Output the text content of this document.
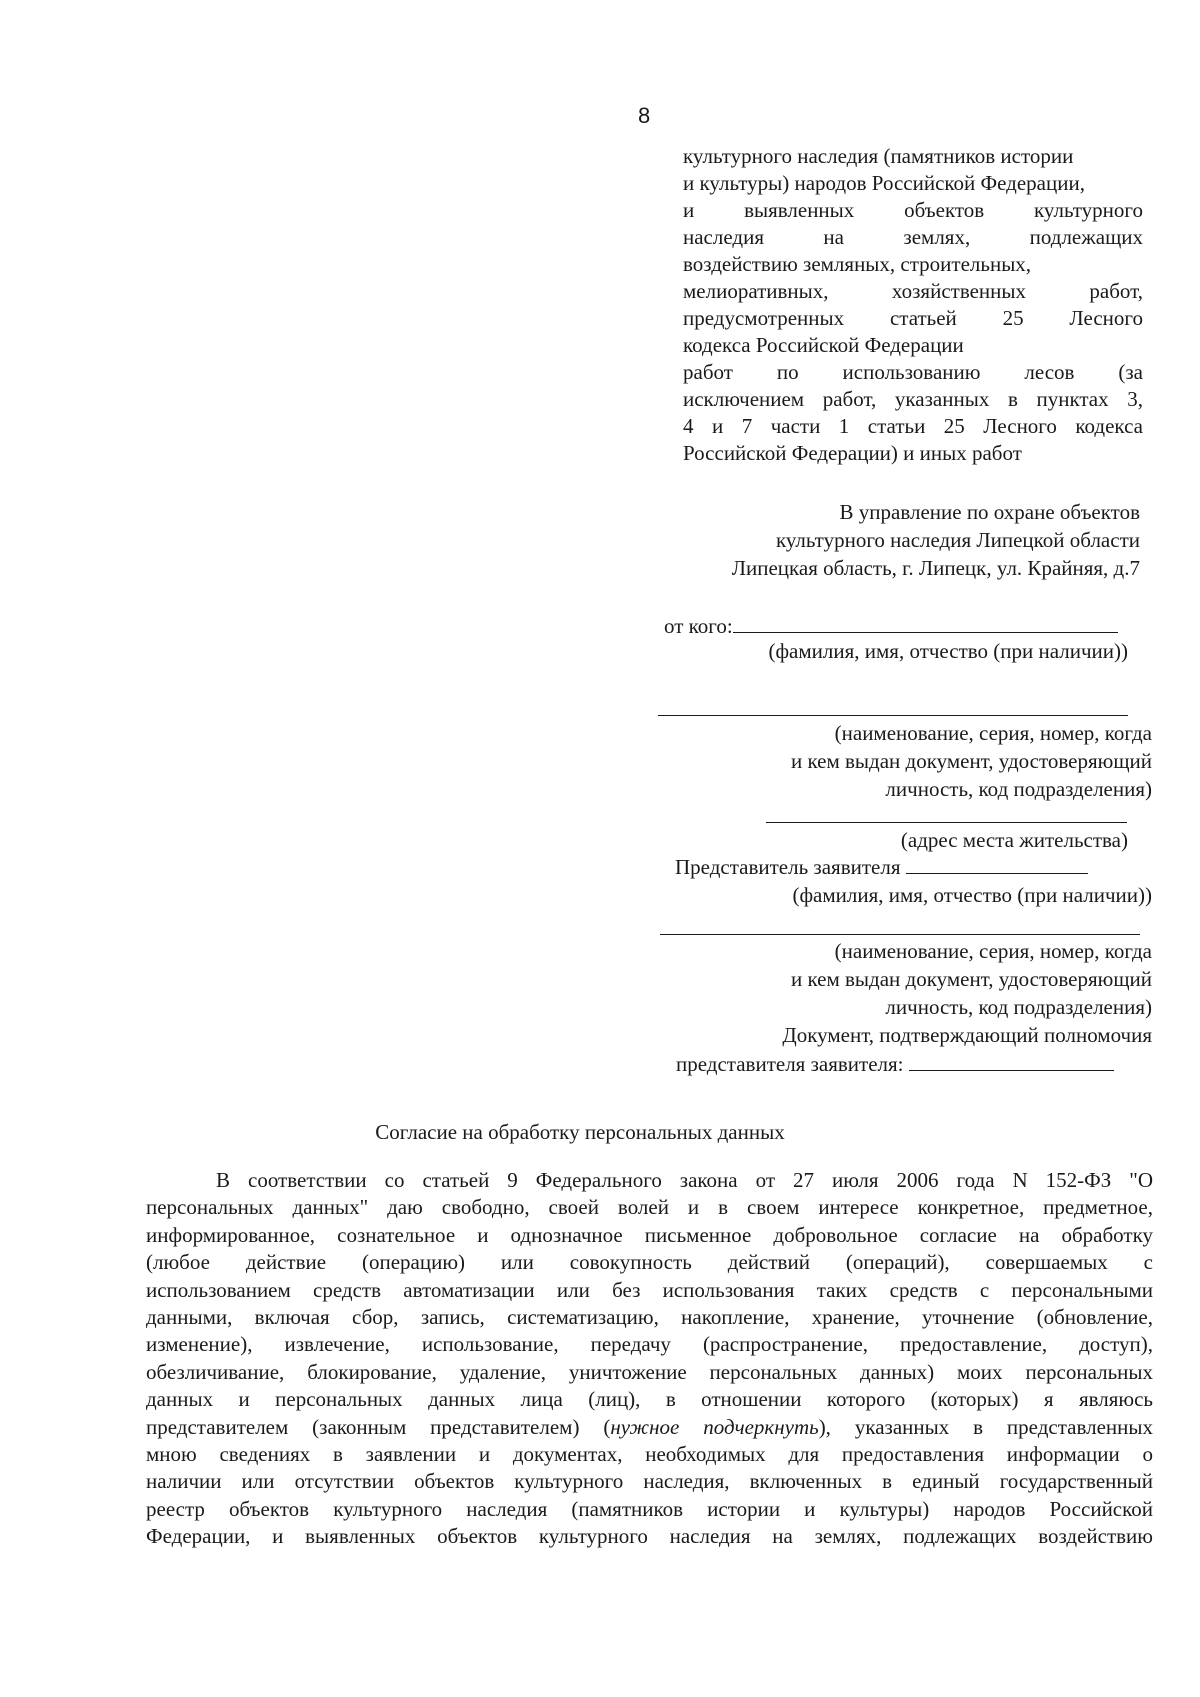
8
культурного наследия (памятников истории
и культуры) народов Российской Федерации,
и выявленных объектов культурного
наследия на землях, подлежащих
воздействию земляных, строительных,
мелиоративных, хозяйственных работ,
предусмотренных статьей 25 Лесного
кодекса Российской Федерации
работ по использованию лесов (за
исключением работ, указанных в пунктах 3,
4 и 7 части 1 статьи 25 Лесного кодекса
Российской Федерации) и иных работ
В управление по охране объектов
культурного наследия Липецкой области
Липецкая область, г. Липецк, ул. Крайняя, д.7
от кого:
(фамилия, имя, отчество (при наличии))
(наименование, серия, номер, когда
и кем выдан документ, удостоверяющий
личность, код подразделения)
(адрес места жительства)
Представитель заявителя
(фамилия, имя, отчество (при наличии))
(наименование, серия, номер, когда
и кем выдан документ, удостоверяющий
личность, код подразделения)
Документ, подтверждающий полномочия
представителя заявителя:
Согласие на обработку персональных данных
В соответствии со статьей 9 Федерального закона от 27 июля 2006 года N 152-ФЗ "О
персональных данных" даю свободно, своей волей и в своем интересе конкретное, предметное,
информированное, сознательное и однозначное письменное добровольное согласие на обработку
(любое действие (операцию) или совокупность действий (операций), совершаемых с
использованием средств автоматизации или без использования таких средств с персональными
данными, включая сбор, запись, систематизацию, накопление, хранение, уточнение (обновление,
изменение), извлечение, использование, передачу (распространение, предоставление, доступ),
обезличивание, блокирование, удаление, уничтожение персональных данных) моих персональных
данных и персональных данных лица (лиц), в отношении которого (которых) я являюсь
представителем (законным представителем) (нужное подчеркнуть), указанных в представленных
мною сведениях в заявлении и документах, необходимых для предоставления информации о
наличии или отсутствии объектов культурного наследия, включенных в единый государственный
реестр объектов культурного наследия (памятников истории и культуры) народов Российской
Федерации, и выявленных объектов культурного наследия на землях, подлежащих воздействию
